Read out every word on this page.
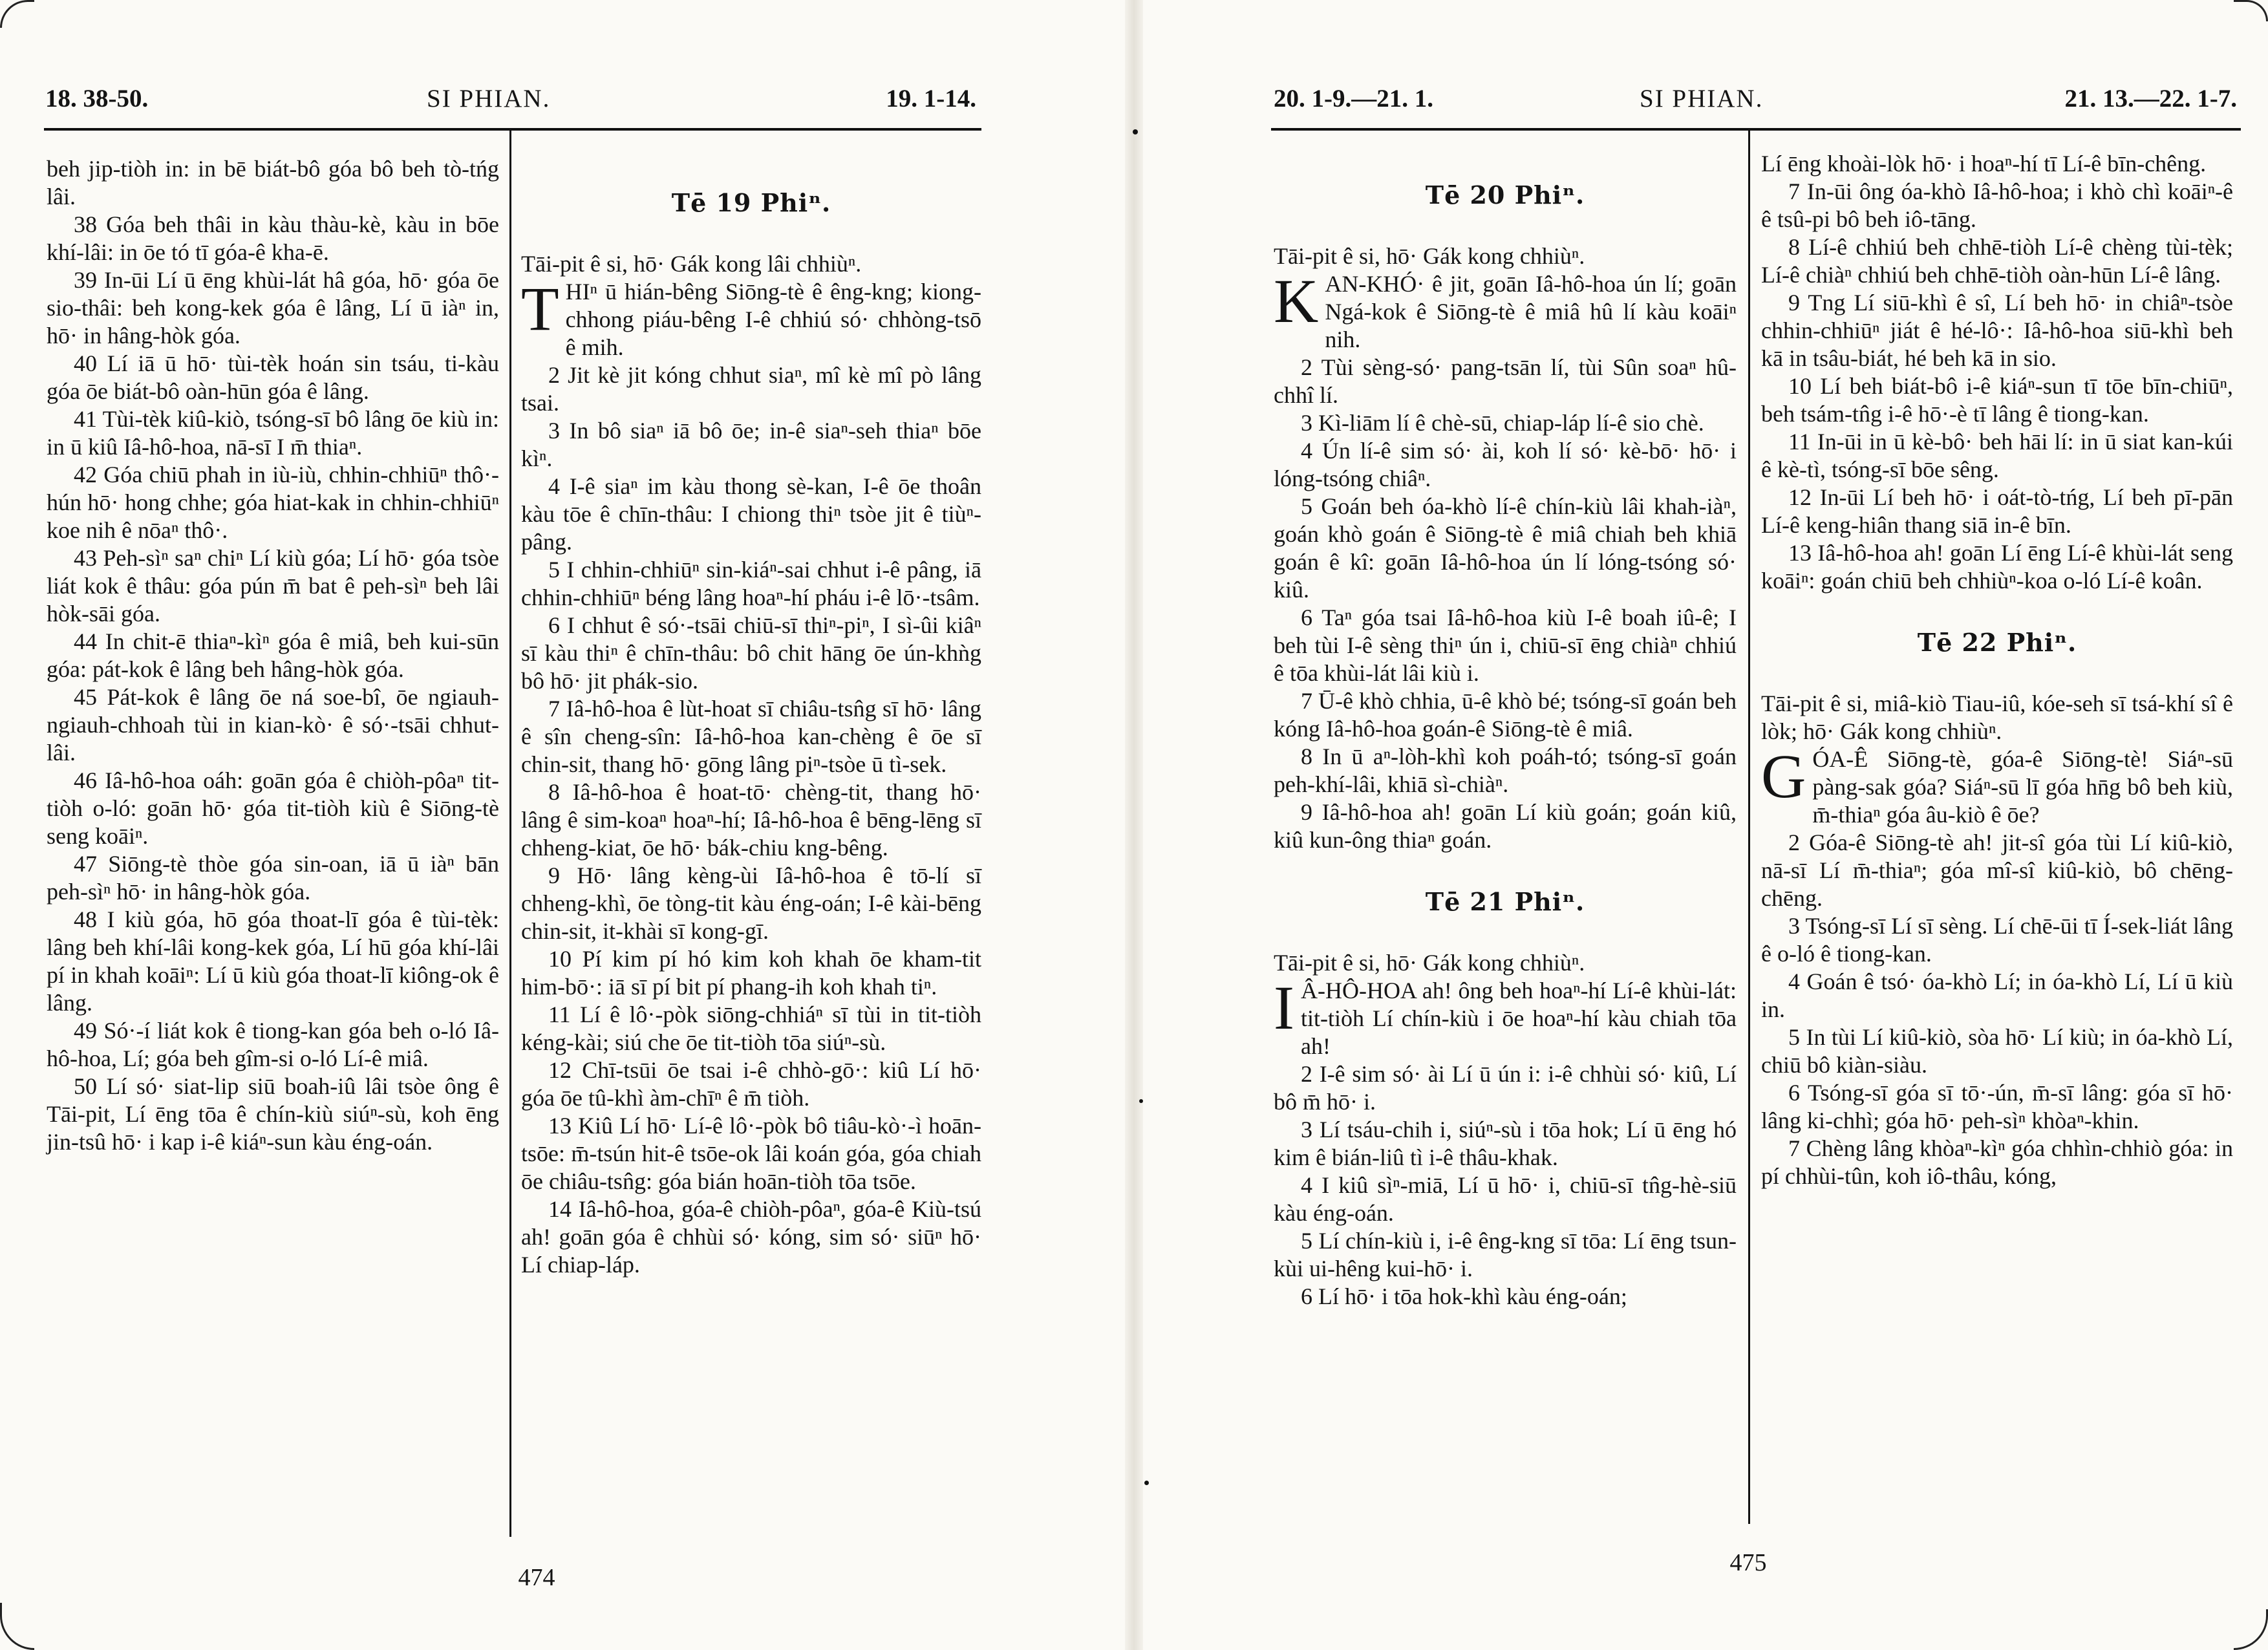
18. 38-50.	SI PHIAN.	19. 1-14.

beh jip-tiòh in: in bē biát-bô góa bô beh tò-tńg lâi.

38 Góa beh thâi in kàu thàu-kè, kàu in bōe khí-lâi: in ōe tó tī góa-ê kha-ē.

39 In-ūi Lí ū ēng khùi-lát hâ góa, hō· góa ōe sio-thâi: beh kong-kek góa ê lâng, Lí ū iàⁿ in, hō· in hâng-hòk góa.

40 Lí iā ū hō· tùi-tèk hoán sin tsáu, ti-kàu góa ōe biát-bô oàn-hūn góa ê lâng.

41 Tùi-tèk kiû-kiò, tsóng-sī bô lâng ōe kiù in: in ū kiû Iâ-hô-hoa, nā-sī I m̄ thiaⁿ.

42 Góa chiū phah in iù-iù, chhin-chhiūⁿ thô·-hún hō· hong chhe; góa hiat-kak in chhin-chhiūⁿ koe nih ê nōaⁿ thô·.

43 Peh-sìⁿ saⁿ chiⁿ Lí kiù góa; Lí hō· góa tsòe liát kok ê thâu: góa pún m̄ bat ê peh-sìⁿ beh lâi hòk-sāi góa.

44 In chit-ē thiaⁿ-kìⁿ góa ê miâ, beh kui-sūn góa: pát-kok ê lâng beh hâng-hòk góa.

45 Pát-kok ê lâng ōe ná soe-bî, ōe ngiauh-ngiauh-chhoah tùi in kian-kò· ê só·-tsāi chhut-lâi.

46 Iâ-hô-hoa oáh: goān góa ê chiòh-pôaⁿ tit-tiòh o-ló: goān hō· góa tit-tiòh kiù ê Siōng-tè seng koāiⁿ.

47 Siōng-tè thòe góa sin-oan, iā ū iàⁿ bān peh-sìⁿ hō· in hâng-hòk góa.

48 I kiù góa, hō góa thoat-lī góa ê tùi-tèk: lâng beh khí-lâi kong-kek góa, Lí hū góa khí-lâi pí in khah koāiⁿ: Lí ū kiù góa thoat-lī kiông-ok ê lâng.

49 Só·-í liát kok ê tiong-kan góa beh o-ló Iâ-hô-hoa, Lí; góa beh gîm-si o-ló Lí-ê miâ.

50 Lí só· siat-lip siū boah-iû lâi tsòe ông ê Tāi-pit, Lí ēng tōa ê chín-kiù siúⁿ-sù, koh ēng jin-tsû hō· i kap i-ê kiáⁿ-sun kàu éng-oán.

Tē 19 Phiⁿ.

Tāi-pit ê si, hō· Gák kong lâi chhiùⁿ.

THIⁿ ū hián-bêng Siōng-tè ê êng-kng; kiong-chhong piáu-bêng I-ê chhiú só· chhòng-tsō ê mih.

2 Jit kè jit kóng chhut siaⁿ, mî kè mî pò lâng tsai.

3 In bô siaⁿ iā bô ōe; in-ê siaⁿ-seh thiaⁿ bōe kìⁿ.

4 I-ê siaⁿ im kàu thong sè-kan, I-ê ōe thoân kàu tōe ê chīn-thâu: I chiong thiⁿ tsòe jit ê tiùⁿ-pâng.

5 I chhin-chhiūⁿ sin-kiáⁿ-sai chhut i-ê pâng, iā chhin-chhiūⁿ béng lâng hoaⁿ-hí pháu i-ê lō·-tsâm.

6 I chhut ê só·-tsāi chiū-sī thiⁿ-piⁿ, I sì-ûi kiâⁿ sī kàu thiⁿ ê chīn-thâu: bô chit hāng ōe ún-khǹg bô hō· jit phák-sio.

7 Iâ-hô-hoa ê lùt-hoat sī chiâu-tsn̂g sī hō· lâng ê sîn cheng-sîn: Iâ-hô-hoa kan-chèng ê ōe sī chin-sit, thang hō· gōng lâng piⁿ-tsòe ū tì-sek.

8 Iâ-hô-hoa ê hoat-tō· chèng-tit, thang hō· lâng ê sim-koaⁿ hoaⁿ-hí; Iâ-hô-hoa ê bēng-lēng sī chheng-kiat, ōe hō· bák-chiu kng-bêng.

9 Hō· lâng kèng-ùi Iâ-hô-hoa ê tō-lí sī chheng-khì, ōe tòng-tit kàu éng-oán; I-ê kài-bēng chin-sit, it-khài sī kong-gī.

10 Pí kim pí hó kim koh khah ōe kham-tit him-bō·: iā sī pí bit pí phang-ih koh khah tiⁿ.

11 Lí ê lô·-pòk siōng-chhiáⁿ sī tùi in tit-tiòh kéng-kài; siú che ōe tit-tiòh tōa siúⁿ-sù.

12 Chī-tsūi ōe tsai i-ê chhò-gō·: kiû Lí hō· góa ōe tû-khì àm-chīⁿ ê m̄ tiòh.

13 Kiû Lí hō· Lí-ê lô·-pòk bô tiâu-kò·-ì hoān-tsōe: m̄-tsún hit-ê tsōe-ok lâi koán góa, góa chiah ōe chiâu-tsn̂g: góa bián hoān-tiòh tōa tsōe.

14 Iâ-hô-hoa, góa-ê chiòh-pôaⁿ, góa-ê Kiù-tsú ah! goān góa ê chhùi só· kóng, sim só· siūⁿ hō· Lí chiap-láp.

474
20. 1-9.—21. 1.	SI PHIAN.	21. 13.—22. 1-7.
Tē 20 Phiⁿ.

Tāi-pit ê si, hō· Gák kong chhiùⁿ.

KAN-KHÓ· ê jit, goān Iâ-hô-hoa ún lí; goān Ngá-kok ê Siōng-tè ê miâ hû lí kàu koāiⁿ nih.

2 Tùi sèng-só· pang-tsān lí, tùi Sûn soaⁿ hû-chhî lí.

3 Kì-liām lí ê chè-sū, chiap-láp lí-ê sio chè.

4 Ún lí-ê sim só· ài, koh lí só· kè-bō· hō· i lóng-tsóng chiâⁿ.

5 Goán beh óa-khò lí-ê chín-kiù lâi khah-iàⁿ, goán khò goán ê Siōng-tè ê miâ chiah beh khiā goán ê kî: goān Iâ-hô-hoa ún lí lóng-tsóng só· kiû.

6 Taⁿ góa tsai Iâ-hô-hoa kiù I-ê boah iû-ê; I beh tùi I-ê sèng thiⁿ ún i, chiū-sī ēng chiàⁿ chhiú ê tōa khùi-lát lâi kiù i.

7 Ū-ê khò chhia, ū-ê khò bé; tsóng-sī goán beh kóng Iâ-hô-hoa goán-ê Siōng-tè ê miâ.

8 In ū aⁿ-lòh-khì koh poáh-tó; tsóng-sī goán peh-khí-lâi, khiā sì-chiàⁿ.

9 Iâ-hô-hoa ah! goān Lí kiù goán; goán kiû, kiû kun-ông thiaⁿ goán.

Tē 21 Phiⁿ.

Tāi-pit ê si, hō· Gák kong chhiùⁿ.

I Â-HÔ-HOA ah! ông beh hoaⁿ-hí Lí-ê khùi-lát: tit-tiòh Lí chín-kiù i ōe hoaⁿ-hí kàu chiah tōa ah!

2 I-ê sim só· ài Lí ū ún i: i-ê chhùi só· kiû, Lí bô m̄ hō· i.

3 Lí tsáu-chih i, siúⁿ-sù i tōa hok; Lí ū ēng hó kim ê bián-liû tì i-ê thâu-khak.

4 I kiû sìⁿ-miā, Lí ū hō· i, chiū-sī tn̂g-hè-siū kàu éng-oán.

5 Lí chín-kiù i, i-ê êng-kng sī tōa: Lí ēng tsun-kùi ui-hêng kui-hō· i.

6 Lí hō· i tōa hok-khì kàu éng-oán;

Lí ēng khoài-lòk hō· i hoaⁿ-hí tī Lí-ê bīn-chêng.

7 In-ūi ông óa-khò Iâ-hô-hoa; i khò chì koāiⁿ-ê ê tsû-pi bô beh iô-tāng.

8 Lí-ê chhiú beh chhē-tiòh Lí-ê chèng tùi-tèk; Lí-ê chiàⁿ chhiú beh chhē-tiòh oàn-hūn Lí-ê lâng.

9 Tng Lí siū-khì ê sî, Lí beh hō· in chiâⁿ-tsòe chhin-chhiūⁿ jiát ê hé-lô·: Iâ-hô-hoa siū-khì beh kā in tsâu-biát, hé beh kā in sio.

10 Lí beh biát-bô i-ê kiáⁿ-sun tī tōe bīn-chiūⁿ, beh tsám-tn̂g i-ê hō·-è tī lâng ê tiong-kan.

11 In-ūi in ū kè-bô· beh hāi lí: in ū siat kan-kúi ê kè-tì, tsóng-sī bōe sêng.

12 In-ūi Lí beh hō· i oát-tò-tńg, Lí beh pī-pān Lí-ê keng-hiân thang siā in-ê bīn.

13 Iâ-hô-hoa ah! goān Lí ēng Lí-ê khùi-lát seng koāiⁿ: goán chiū beh chhiùⁿ-koa o-ló Lí-ê koân.

Tē 22 Phiⁿ.

Tāi-pit ê si, miâ-kiò Tiau-iû, kóe-seh sī tsá-khí sî ê lòk; hō· Gák kong chhiùⁿ.

GÓA-Ê Siōng-tè, góa-ê Siōng-tè! Siáⁿ-sū pàng-sak góa? Siáⁿ-sū lī góa hn̄g bô beh kiù, m̄-thiaⁿ góa âu-kiò ê ōe?

2 Góa-ê Siōng-tè ah! jit-sî góa tùi Lí kiû-kiò, nā-sī Lí m̄-thiaⁿ; góa mî-sî kiû-kiò, bô chēng-chēng.

3 Tsóng-sī Lí sī sèng. Lí chē-ūi tī Í-sek-liát lâng ê o-ló ê tiong-kan.

4 Goán ê tsó· óa-khò Lí; in óa-khò Lí, Lí ū kiù in.

5 In tùi Lí kiû-kiò, sòa hō· Lí kiù; in óa-khò Lí, chiū bô kiàn-siàu.

6 Tsóng-sī góa sī tō·-ún, m̄-sī lâng: góa sī hō· lâng ki-chhì; góa hō· peh-sìⁿ khòaⁿ-khin.

7 Chèng lâng khòaⁿ-kìⁿ góa chhìn-chhiò góa: in pí chhùi-tûn, koh iô-thâu, kóng,

475
